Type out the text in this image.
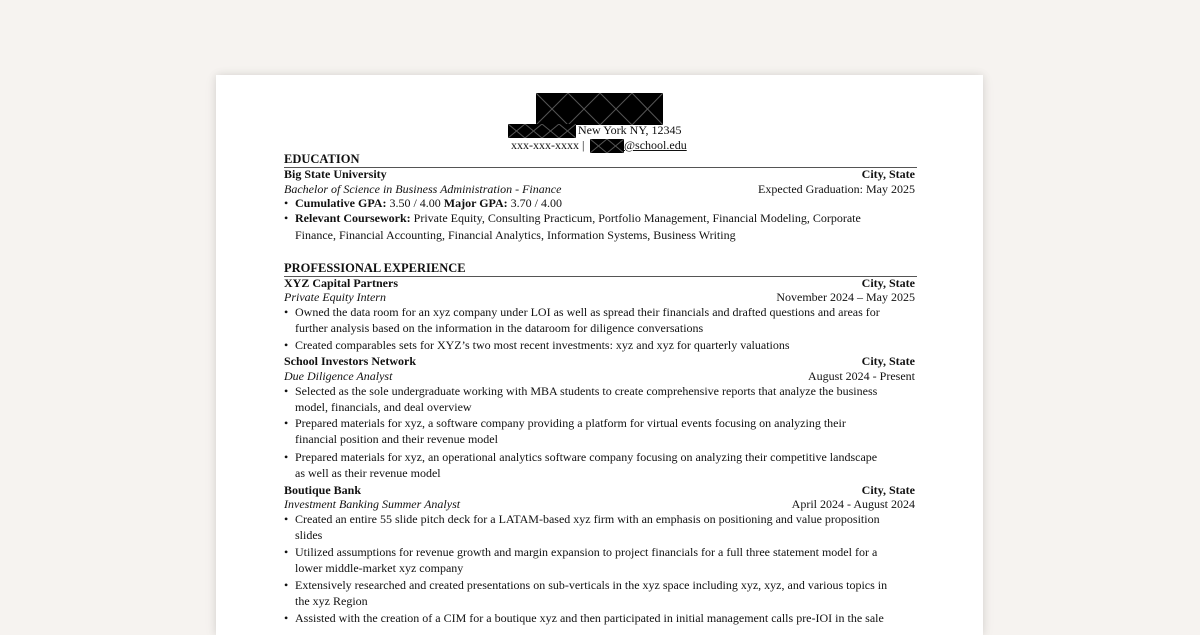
New York NY, 12345
xxx-xxx-xxxx |	@school.edu
EDUCATION
Big State University	City, State
Bachelor of Science in Business Administration - Finance	Expected Graduation: May 2025
• Cumulative GPA: 3.50 / 4.00 Major GPA: 3.70 / 4.00
• Relevant Coursework: Private Equity, Consulting Practicum, Portfolio Management, Financial Modeling, Corporate
Finance, Financial Accounting, Financial Analytics, Information Systems, Business Writing
PROFESSIONAL EXPERIENCE
XYZ Capital Partners	City, State
Private Equity Intern	November 2024 – May 2025
• Owned the data room for an xyz company under LOI as well as spread their financials and drafted questions and areas for
further analysis based on the information in the dataroom for diligence conversations
• Created comparables sets for XYZ’s two most recent investments: xyz and xyz for quarterly valuations
School Investors Network	City, State
Due Diligence Analyst	August 2024 - Present
• Selected as the sole undergraduate working with MBA students to create comprehensive reports that analyze the business
model, financials, and deal overview
• Prepared materials for xyz, a software company providing a platform for virtual events focusing on analyzing their
financial position and their revenue model
• Prepared materials for xyz, an operational analytics software company focusing on analyzing their competitive landscape
as well as their revenue model
Boutique Bank	City, State
Investment Banking Summer Analyst	April 2024 - August 2024
• Created an entire 55 slide pitch deck for a LATAM-based xyz firm with an emphasis on positioning and value proposition
slides
• Utilized assumptions for revenue growth and margin expansion to project financials for a full three statement model for a
lower middle-market xyz company
• Extensively researched and created presentations on sub-verticals in the xyz space including xyz, xyz, and various topics in
the xyz Region
• Assisted with the creation of a CIM for a boutique xyz and then participated in initial management calls pre-IOI in the sale
